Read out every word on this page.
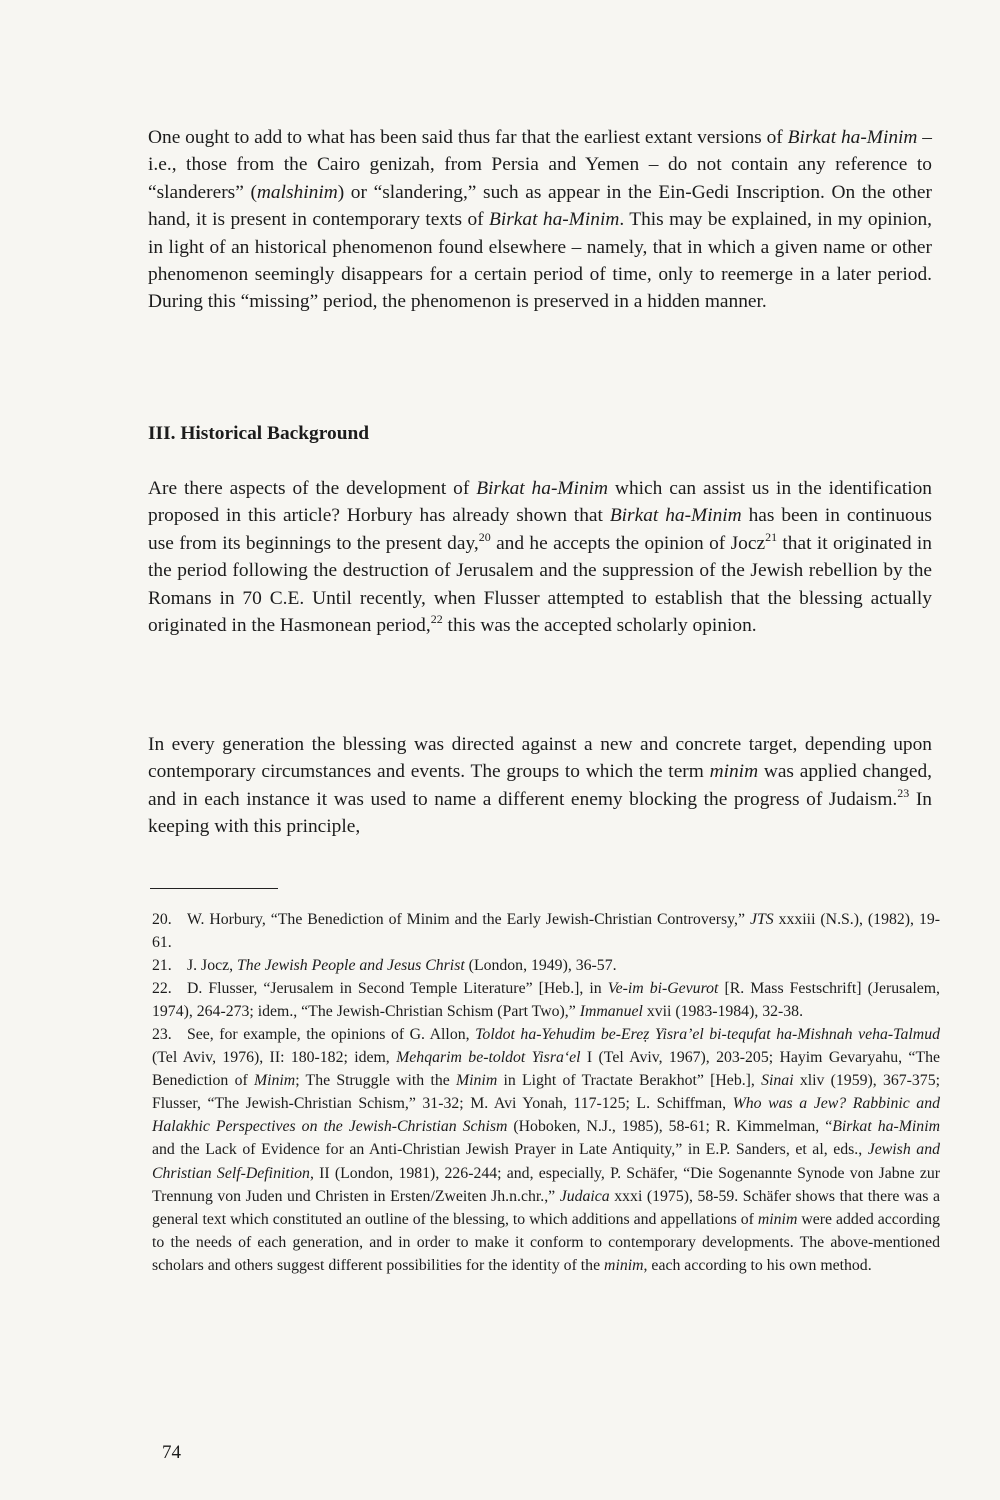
One ought to add to what has been said thus far that the earliest extant versions of Birkat ha-Minim – i.e., those from the Cairo genizah, from Persia and Yemen – do not contain any reference to “slanderers” (malshinim) or “slandering,” such as appear in the Ein-Gedi Inscription. On the other hand, it is present in contemporary texts of Birkat ha-Minim. This may be explained, in my opinion, in light of an historical phenomenon found elsewhere – namely, that in which a given name or other phenomenon seemingly disappears for a certain period of time, only to reemerge in a later period. During this “missing” period, the phenomenon is preserved in a hidden manner.

III. Historical Background

Are there aspects of the development of Birkat ha-Minim which can assist us in the identification proposed in this article? Horbury has already shown that Birkat ha-Minim has been in continuous use from its beginnings to the present day,$^{20}$ and he accepts the opinion of Jocz$^{21}$ that it originated in the period following the destruction of Jerusalem and the suppression of the Jewish rebellion by the Romans in 70 C.E. Until recently, when Flusser attempted to establish that the blessing actually originated in the Hasmonean period,$^{22}$ this was the accepted scholarly opinion.

In every generation the blessing was directed against a new and concrete target, depending upon contemporary circumstances and events. The groups to which the term minim was applied changed, and in each instance it was used to name a different enemy blocking the progress of Judaism.$^{23}$ In keeping with this principle,

20. W. Horbury, “The Benediction of Minim and the Early Jewish-Christian Controversy,” JTS xxxiii (N.S.), (1982), 19-61.

21. J. Jocz, The Jewish People and Jesus Christ (London, 1949), 36-57.

22. D. Flusser, “Jerusalem in Second Temple Literature” [Heb.], in Ve-im bi-Gevurot [R. Mass Festschrift] (Jerusalem, 1974), 264-273; idem., “The Jewish-Christian Schism (Part Two),” Immanuel xvii (1983-1984), 32-38.

23. See, for example, the opinions of G. Allon, Toldot ha-Yehudim be-Ereẓ Yisra’el bi-tequfat ha-Mishnah veha-Talmud (Tel Aviv, 1976), II: 180-182; idem, Mehqarim be-toldot Yisra‘el I (Tel Aviv, 1967), 203-205; Hayim Gevaryahu, “The Benediction of Minim; The Struggle with the Minim in Light of Tractate Berakhot” [Heb.], Sinai xliv (1959), 367-375; Flusser, “The Jewish-Christian Schism,” 31-32; M. Avi Yonah, 117-125; L. Schiffman, Who was a Jew? Rabbinic and Halakhic Perspectives on the Jewish-Christian Schism (Hoboken, N.J., 1985), 58-61; R. Kimmelman, “Birkat ha-Minim and the Lack of Evidence for an Anti-Christian Jewish Prayer in Late Antiquity,” in E.P. Sanders, et al, eds., Jewish and Christian Self-Definition, II (London, 1981), 226-244; and, especially, P. Schäfer, “Die Sogenannte Synode von Jabne zur Trennung von Juden und Christen in Ersten/Zweiten Jh.n.chr.,” Judaica xxxi (1975), 58-59. Schäfer shows that there was a general text which constituted an outline of the blessing, to which additions and appellations of minim were added according to the needs of each generation, and in order to make it conform to contemporary developments. The above-mentioned scholars and others suggest different possibilities for the identity of the minim, each according to his own method.

74
